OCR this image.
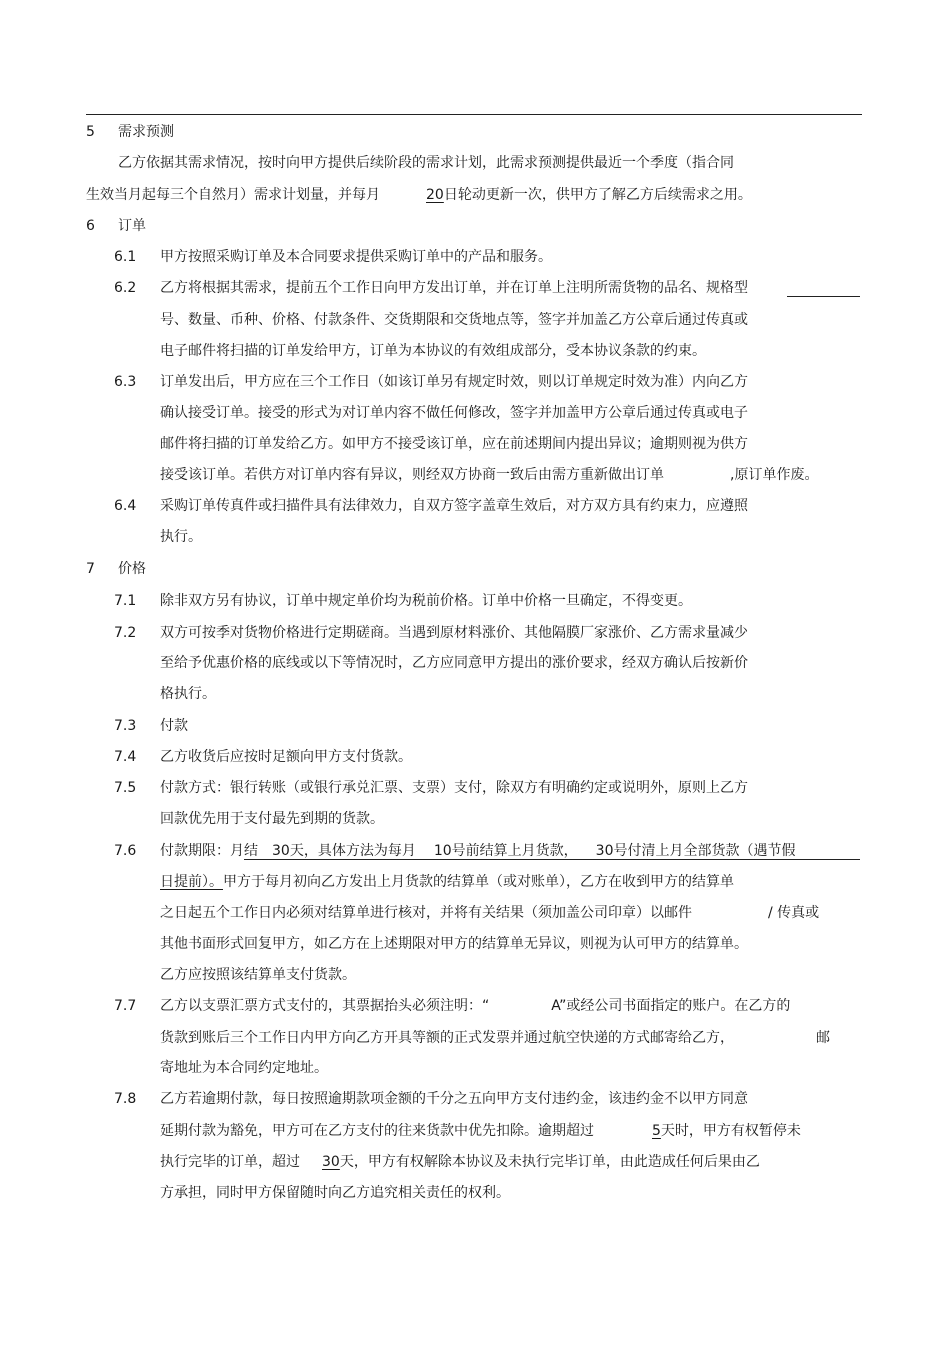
5 需求预测
乙方依据其需求情况，按时向甲方提供后续阶段的需求计划，此需求预测提供最近一个季度（指合同
生效当月起每三个自然月）需求计划量，并每月	20日轮动更新一次，供甲方了解乙方后续需求之用。
6 订单
6.1 甲方按照采购订单及本合同要求提供采购订单中的产品和服务。
6.2 乙方将根据其需求，提前五个工作日向甲方发出订单，并在订单上注明所需货物的品名、规格型
号、数量、币种、价格、付款条件、交货期限和交货地点等，签字并加盖乙方公章后通过传真或
电子邮件将扫描的订单发给甲方，订单为本协议的有效组成部分，受本协议条款的约束。
6.3 订单发出后，甲方应在三个工作日（如该订单另有规定时效，则以订单规定时效为准）内向乙方
确认接受订单。接受的形式为对订单内容不做任何修改，签字并加盖甲方公章后通过传真或电子
邮件将扫描的订单发给乙方。如甲方不接受该订单，应在前述期间内提出异议；逾期则视为供方
接受该订单。若供方对订单内容有异议，则经双方协商一致后由需方重新做出订单	,原订单作废。
6.4 采购订单传真件或扫描件具有法律效力，自双方签字盖章生效后，对方双方具有约束力，应遵照
执行。
7 价格
7.1 除非双方另有协议，订单中规定单价均为税前价格。订单中价格一旦确定，不得变更。
7.2 双方可按季对货物价格进行定期磋商。当遇到原材料涨价、其他隔膜厂家涨价、乙方需求量减少
至给予优惠价格的底线或以下等情况时，乙方应同意甲方提出的涨价要求，经双方确认后按新价
格执行。
7.3 付款
7.4 乙方收货后应按时足额向甲方支付货款。
7.5 付款方式：银行转账（或银行承兑汇票、支票）支付，除双方有明确约定或说明外，原则上乙方
回款优先用于支付最先到期的货款。
7.6 付款期限：月结 30天，具体方法为每月 10号前结算上月货款， 30号付清上月全部货款（遇节假
日提前）。甲方于每月初向乙方发出上月货款的结算单（或对账单），乙方在收到甲方的结算单
之日起五个工作日内必须对结算单进行核对，并将有关结果（须加盖公司印章）以邮件	/ 传真或
其他书面形式回复甲方，如乙方在上述期限对甲方的结算单无异议，则视为认可甲方的结算单。
乙方应按照该结算单支付货款。
7.7 乙方以支票汇票方式支付的，其票据抬头必须注明：“	A”或经公司书面指定的账户。在乙方的
货款到账后三个工作日内甲方向乙方开具等额的正式发票并通过航空快递的方式邮寄给乙方，	邮
寄地址为本合同约定地址。
7.8 乙方若逾期付款，每日按照逾期款项金额的千分之五向甲方支付违约金，该违约金不以甲方同意
延期付款为豁免，甲方可在乙方支付的往来货款中优先扣除。逾期超过	5天时，甲方有权暂停未
执行完毕的订单，超过 30天，甲方有权解除本协议及未执行完毕订单，由此造成任何后果由乙
方承担，同时甲方保留随时向乙方追究相关责任的权利。
